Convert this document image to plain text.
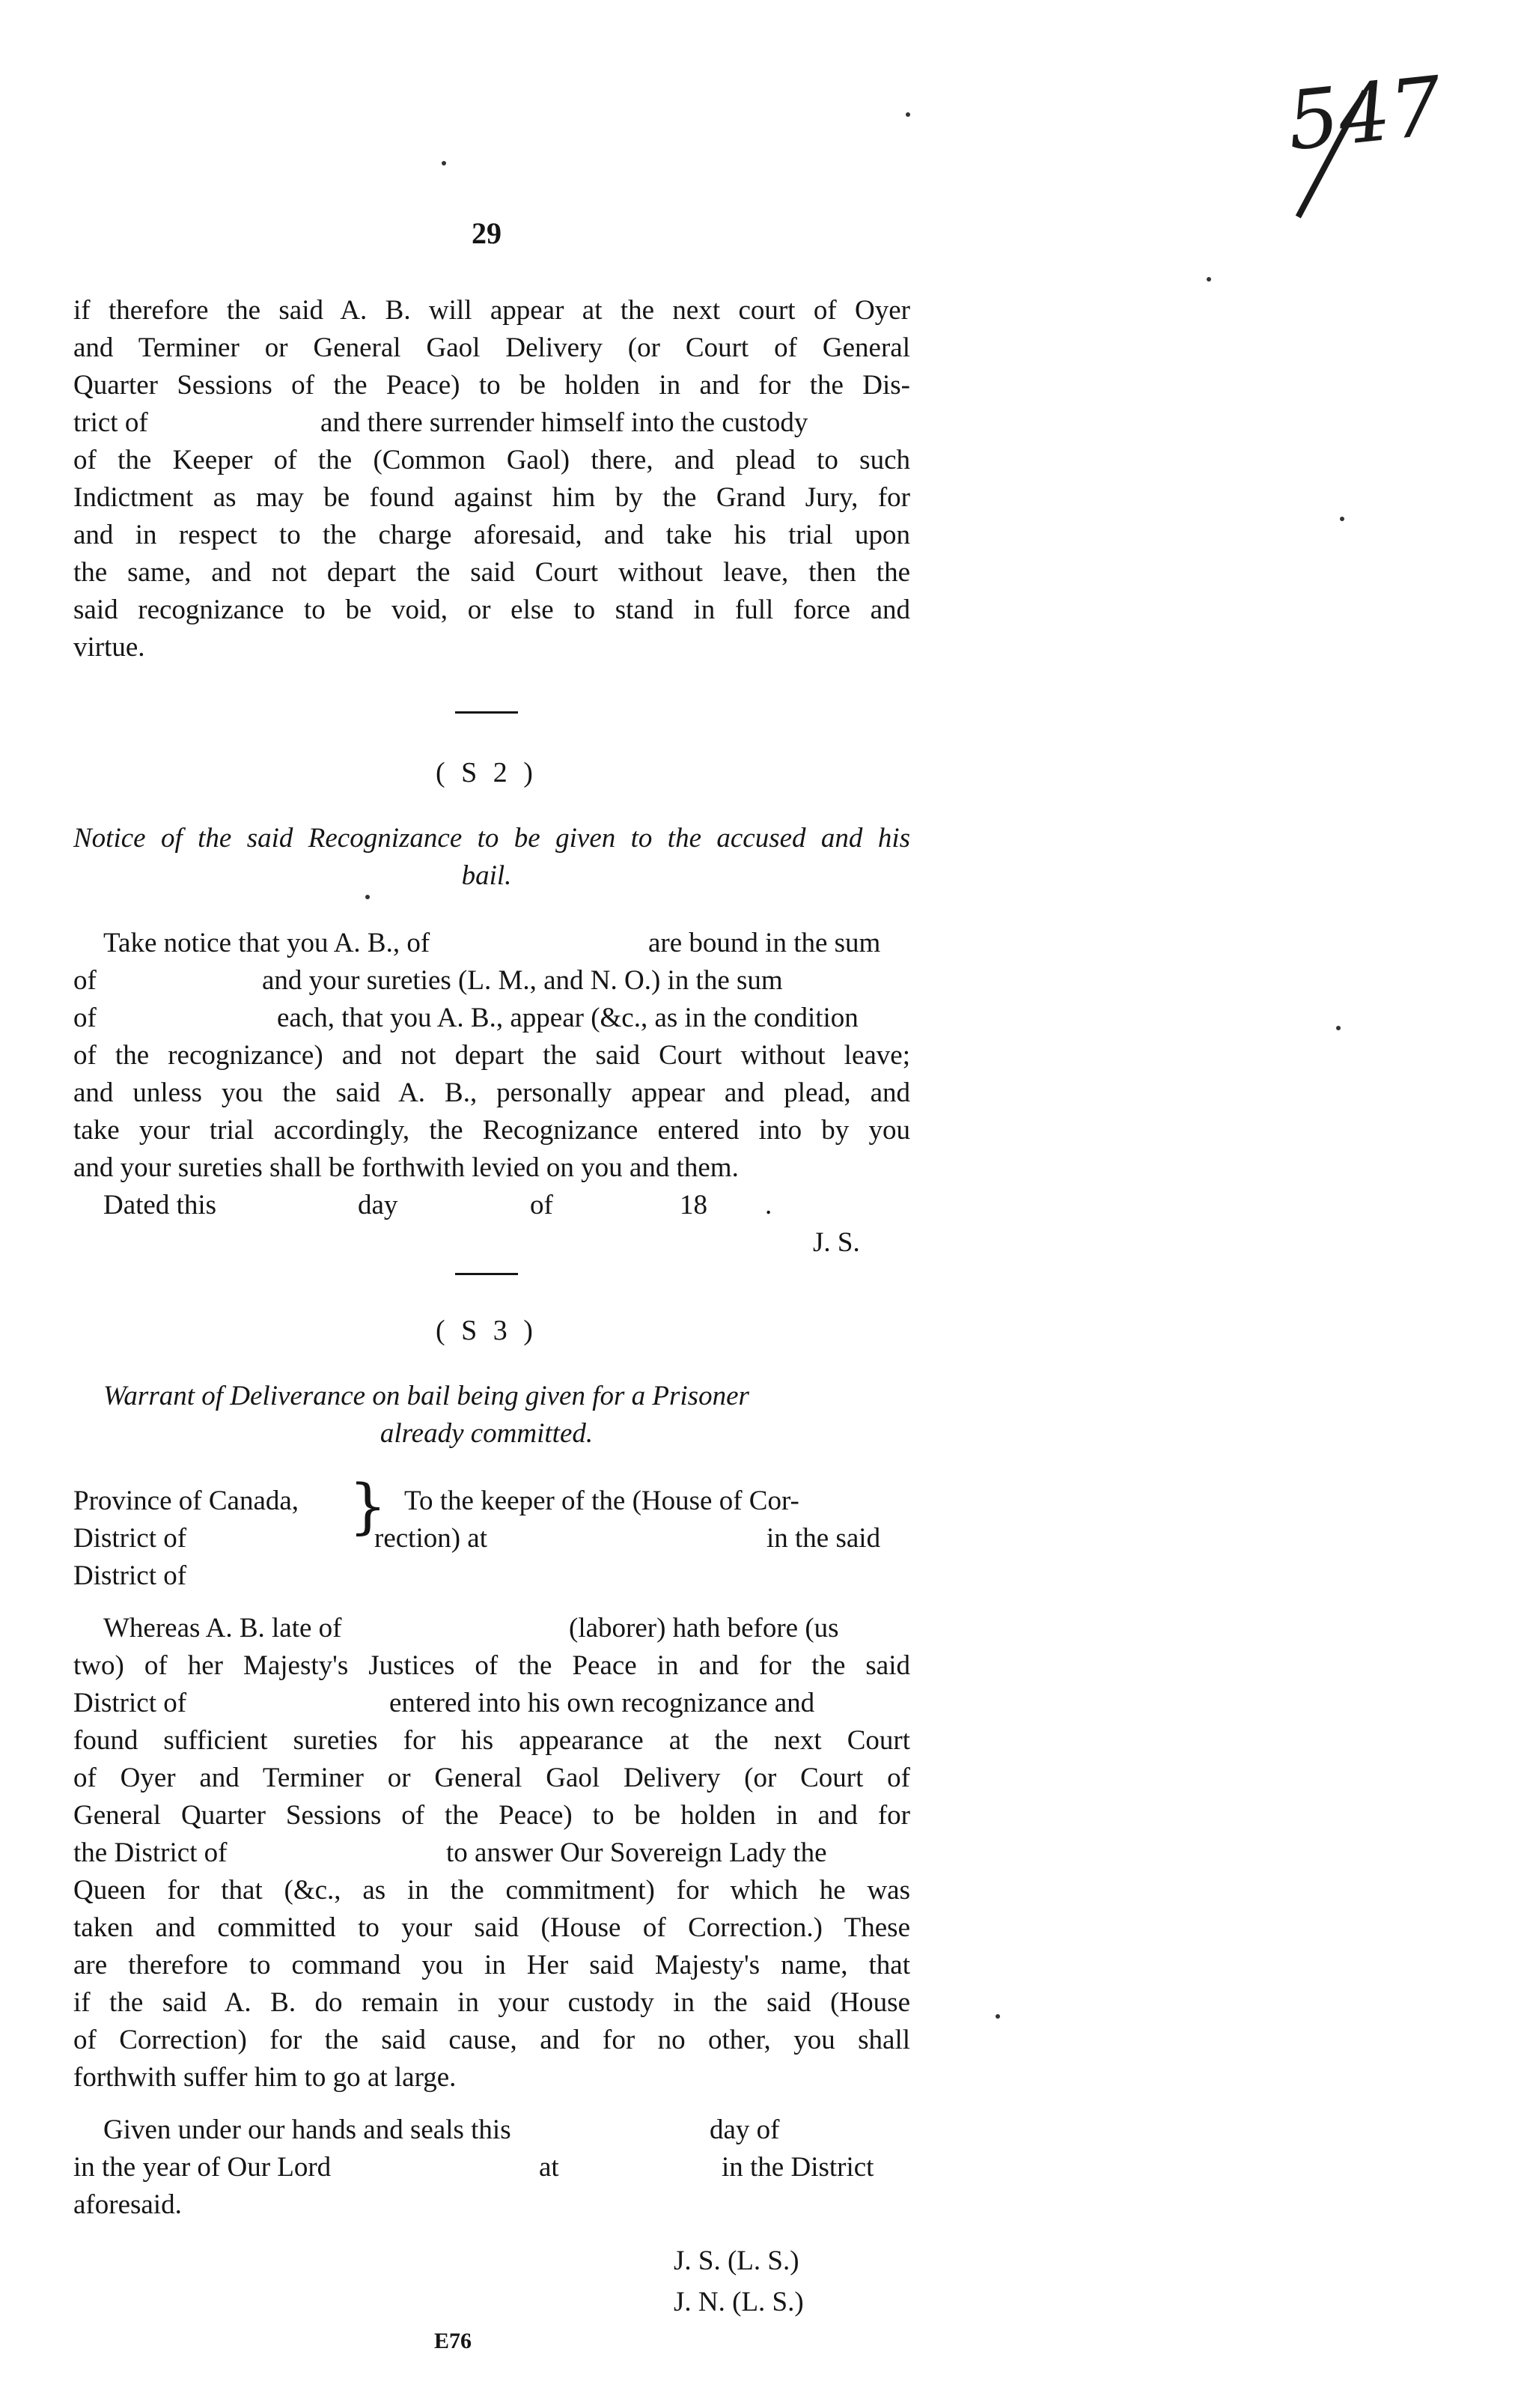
547
29
if therefore the said A. B. will appear at the next court of Oyer
and Terminer or General Gaol Delivery (or Court of General
Quarter Sessions of the Peace) to be holden in and for the Dis-
trict of	and there surrender himself into the custody
of the Keeper of the (Common Gaol) there, and plead to such
Indictment as may be found against him by the Grand Jury, for
and in respect to the charge aforesaid, and take his trial upon
the same, and not depart the said Court without leave, then the
said recognizance to be void, or else to stand in full force and
virtue.
( S 2 )
Notice of the said Recognizance to be given to the accused and his
bail.
Take notice that you A. B., of	are bound in the sum
of	and your sureties (L. M., and N. O.) in the sum
of	each, that you A. B., appear (&c., as in the condition
of the recognizance) and not depart the said Court without leave;
and unless you the said A. B., personally appear and plead, and
take your trial accordingly, the Recognizance entered into by you
and your sureties shall be forthwith levied on you and them.
Dated this	day	of	18 .
J. S.
( S 3 )
Warrant of Deliverance on bail being given for a Prisoner
already committed.
Province of Canada,
District of
District of
} To the keeper of the (House of Cor-
rection) at	in the said
Whereas A. B. late of	(laborer) hath before (us
two) of her Majesty's Justices of the Peace in and for the said
District of	entered into his own recognizance and
found sufficient sureties for his appearance at the next Court
of Oyer and Terminer or General Gaol Delivery (or Court of
General Quarter Sessions of the Peace) to be holden in and for
the District of	to answer Our Sovereign Lady the
Queen for that (&c., as in the commitment) for which he was
taken and committed to your said (House of Correction.) These
are therefore to command you in Her said Majesty's name, that
if the said A. B. do remain in your custody in the said (House
of Correction) for the said cause, and for no other, you shall
forthwith suffer him to go at large.
Given under our hands and seals this	day of
in the year of Our Lord	at	in the District
aforesaid.
J. S. (L. S.)
J. N. (L. S.)
E76
